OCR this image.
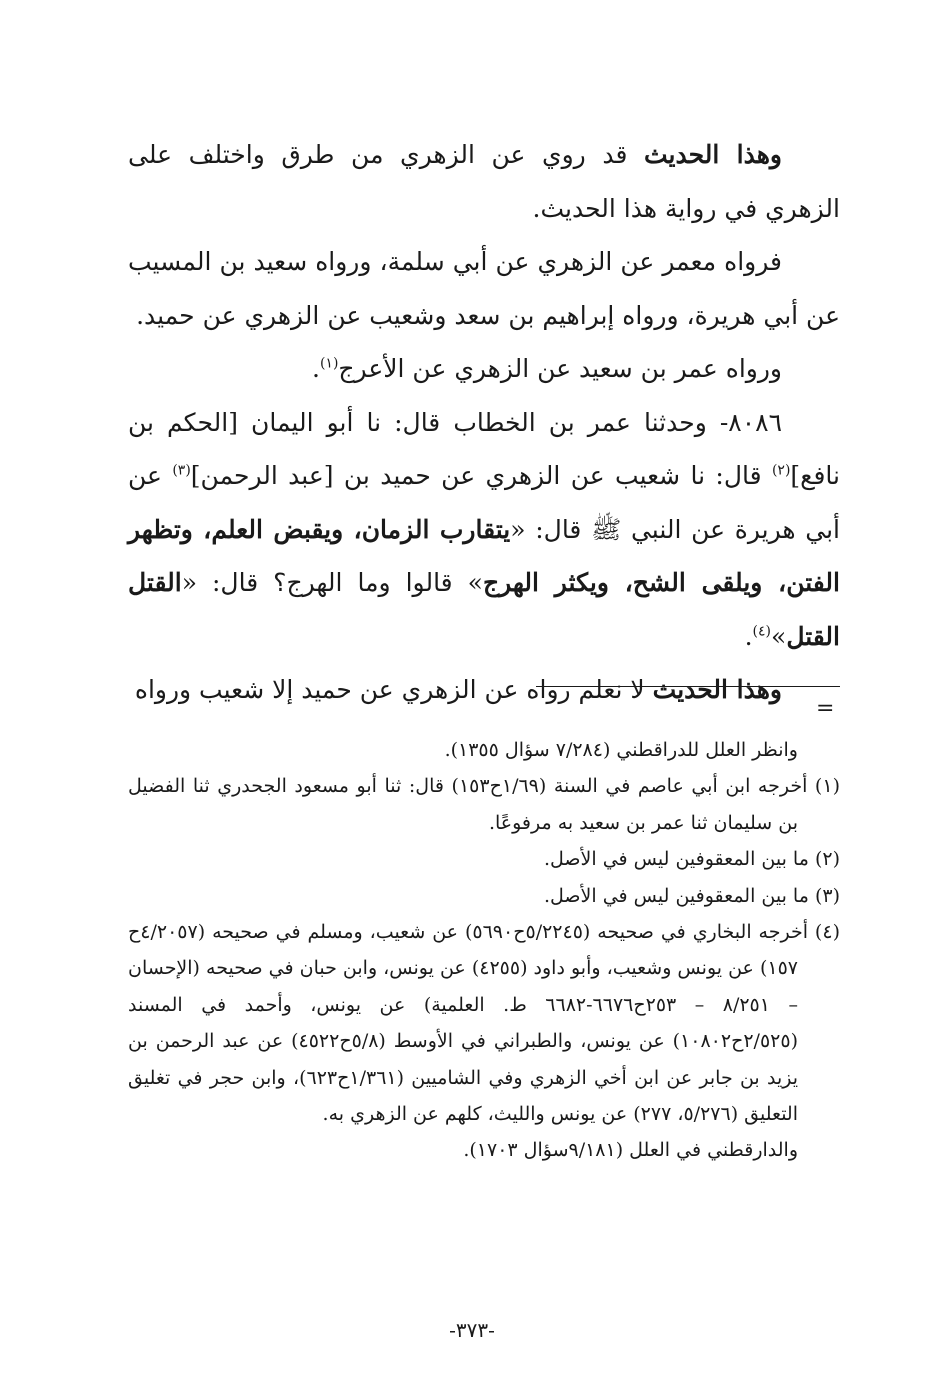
وهذا الحديث قد روي عن الزهري من طرق واختلف على الزهري في رواية هذا الحديث.

فرواه معمر عن الزهري عن أبي سلمة، ورواه سعيد بن المسيب عن أبي هريرة، ورواه إبراهيم بن سعد وشعيب عن الزهري عن حميد.

ورواه عمر بن سعيد عن الزهري عن الأعرج$^{(١)}$.

٨٠٨٦- وحدثنا عمر بن الخطاب قال: نا أبو اليمان [الحكم بن نافع]$^{(٢)}$ قال: نا شعيب عن الزهري عن حميد بن [عبد الرحمن]$^{(٣)}$ عن أبي هريرة عن النبي ﷺ قال: «يتقارب الزمان، ويقبض العلم، وتظهر الفتن، ويلقى الشح، ويكثر الهرج» قالوا وما الهرج؟ قال: «القتل القتل»$^{(٤)}$.

وهذا الحديث لا نعلم رواه عن الزهري عن حميد إلا شعيب ورواه

=

وانظر العلل للدراقطني (٧/٢٨٤ سؤال ١٣٥٥).

(١) أخرجه ابن أبي عاصم في السنة (١/٦٩ح١٥٣) قال: ثنا أبو مسعود الجحدري ثنا الفضيل بن سليمان ثنا عمر بن سعيد به مرفوعًا.

(٢) ما بين المعقوفين ليس في الأصل.

(٣) ما بين المعقوفين ليس في الأصل.

(٤) أخرجه البخاري في صحيحه (٥/٢٢٤٥ح٥٦٩٠) عن شعيب، ومسلم في صحيحه (٤/٢٠٥٧ح ١٥٧) عن يونس وشعيب، وأبو داود (٤٢٥٥) عن يونس، وابن حبان في صحيحه (الإحسان – ٨/٢٥١ – ٢٥٣ح٦٦٧٦-٦٦٨٢ ط. العلمية) عن يونس، وأحمد في المسند (٢/٥٢٥ح١٠٨٠٢) عن يونس، والطبراني في الأوسط (٥/٨ح٤٥٢٢) عن عبد الرحمن بن يزيد بن جابر عن ابن أخي الزهري وفي الشاميين (١/٣٦١ح٦٢٣)، وابن حجر في تغليق التعليق (٥/٢٧٦، ٢٧٧) عن يونس والليث، كلهم عن الزهري به.

والدارقطني في العلل (٩/١٨١سؤال ١٧٠٣).

-٣٧٣-
